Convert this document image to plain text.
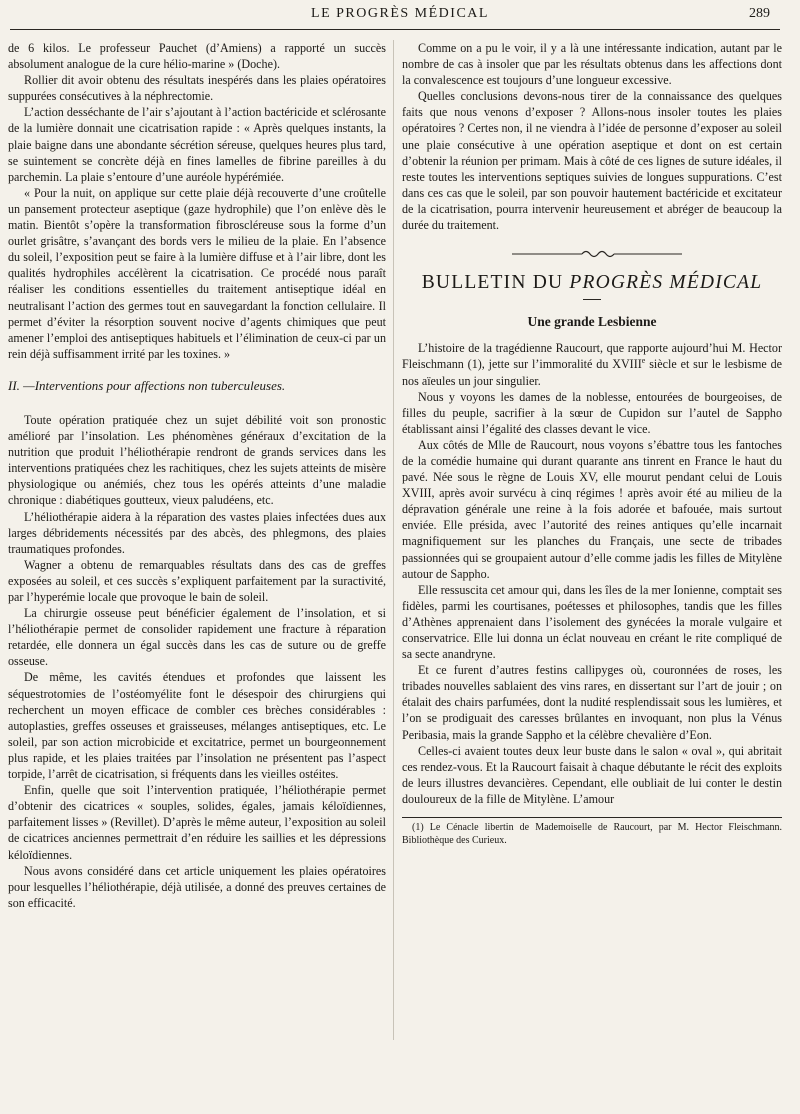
LE PROGRÈS MÉDICAL	289

de 6 kilos. Le professeur Pauchet (d’Amiens) a rapporté un succès absolument analogue de la cure hélio-marine » (Doche).

Rollier dit avoir obtenu des résultats inespérés dans les plaies opératoires suppurées consécutives à la néphrectomie.

L’action desséchante de l’air s’ajoutant à l’action bactéricide et sclérosante de la lumière donnait une cicatrisation rapide : « Après quelques instants, la plaie baigne dans une abondante sécrétion séreuse, quelques heures plus tard, se suintement se concrète déjà en fines lamelles de fibrine pareilles à du parchemin. La plaie s’entoure d’une auréole hypérémiée.

« Pour la nuit, on applique sur cette plaie déjà recouverte d’une croûtelle un pansement protecteur aseptique (gaze hydrophile) que l’on enlève dès le matin. Bientôt s’opère la transformation fibroscléreuse sous la forme d’un ourlet grisâtre, s’avançant des bords vers le milieu de la plaie. En l’absence du soleil, l’exposition peut se faire à la lumière diffuse et à l’air libre, dont les qualités hydrophiles accélèrent la cicatrisation. Ce procédé nous paraît réaliser les conditions essentielles du traitement antiseptique idéal en neutralisant l’action des germes tout en sauvegardant la fonction cellulaire. Il permet d’éviter la résorption souvent nocive d’agents chimiques que peut amener l’emploi des antiseptiques habituels et l’élimination de ceux-ci par un rein déjà suffisamment irrité par les toxines. »

II. —Interventions pour affections non tuberculeuses.

Toute opération pratiquée chez un sujet débilité voit son pronostic amélioré par l’insolation. Les phénomènes généraux d’excitation de la nutrition que produit l’héliothérapie rendront de grands services dans les interventions pratiquées chez les rachitiques, chez les sujets atteints de misère physiologique ou anémiés, chez tous les opérés atteints d’une maladie chronique : diabétiques goutteux, vieux paludéens, etc.

L’héliothérapie aidera à la réparation des vastes plaies infectées dues aux larges débridements nécessités par des abcès, des phlegmons, des plaies traumatiques profondes.

Wagner a obtenu de remarquables résultats dans des cas de greffes exposées au soleil, et ces succès s’expliquent parfaitement par la suractivité, par l’hyperémie locale que provoque le bain de soleil.

La chirurgie osseuse peut bénéficier également de l’insolation, et si l’héliothérapie permet de consolider rapidement une fracture à réparation retardée, elle donnera un égal succès dans les cas de suture ou de greffe osseuse.

De même, les cavités étendues et profondes que laissent les séquestrotomies de l’ostéomyélite font le désespoir des chirurgiens qui recherchent un moyen efficace de combler ces brèches considérables : autoplasties, greffes osseuses et graisseuses, mélanges antiseptiques, etc. Le soleil, par son action microbicide et excitatrice, permet un bourgeonnement plus rapide, et les plaies traitées par l’insolation ne présentent pas l’aspect torpide, l’arrêt de cicatrisation, si fréquents dans les vieilles ostéites.

Enfin, quelle que soit l’intervention pratiquée, l’héliothérapie permet d’obtenir des cicatrices « souples, solides, égales, jamais kéloïdiennes, parfaitement lisses » (Revillet). D’après le même auteur, l’exposition au soleil de cicatrices anciennes permettrait d’en réduire les saillies et les dépressions kéloïdiennes.

Nous avons considéré dans cet article uniquement les plaies opératoires pour lesquelles l’héliothérapie, déjà utilisée, a donné des preuves certaines de son efficacité.

Comme on a pu le voir, il y a là une intéressante indication, autant par le nombre de cas à insoler que par les résultats obtenus dans les affections dont la convalescence est toujours d’une longueur excessive.

Quelles conclusions devons-nous tirer de la connaissance des quelques faits que nous venons d’exposer ? Allons-nous insoler toutes les plaies opératoires ? Certes non, il ne viendra à l’idée de personne d’exposer au soleil une plaie consécutive à une opération aseptique et dont on est certain d’obtenir la réunion per primam. Mais à côté de ces lignes de suture idéales, il reste toutes les interventions septiques suivies de longues suppurations. C’est dans ces cas que le soleil, par son pouvoir hautement bactéricide et excitateur de la cicatrisation, pourra intervenir heureusement et abréger de beaucoup la durée du traitement.

BULLETIN DU PROGRÈS MÉDICAL
Une grande Lesbienne

L’histoire de la tragédienne Raucourt, que rapporte aujourd’hui M. Hector Fleischmann (1), jette sur l’immoralité du XVIIIe siècle et sur le lesbisme de nos aïeules un jour singulier.

Nous y voyons les dames de la noblesse, entourées de bourgeoises, de filles du peuple, sacrifier à la sœur de Cupidon sur l’autel de Sappho établissant ainsi l’égalité des classes devant le vice.

Aux côtés de Mlle de Raucourt, nous voyons s’ébattre tous les fantoches de la comédie humaine qui durant quarante ans tinrent en France le haut du pavé. Née sous le règne de Louis XV, elle mourut pendant celui de Louis XVIII, après avoir survécu à cinq régimes ! après avoir été au milieu de la dépravation générale une reine à la fois adorée et bafouée, mais surtout enviée. Elle présida, avec l’autorité des reines antiques qu’elle incarnait magnifiquement sur les planches du Français, une secte de tribades passionnées qui se groupaient autour d’elle comme jadis les filles de Mitylène autour de Sappho.

Elle ressuscita cet amour qui, dans les îles de la mer Ionienne, comptait ses fidèles, parmi les courtisanes, poétesses et philosophes, tandis que les filles d’Athènes apprenaient dans l’isolement des gynécées la morale vulgaire et conservatrice. Elle lui donna un éclat nouveau en créant le rite compliqué de sa secte anandryne.

Et ce furent d’autres festins callipyges où, couronnées de roses, les tribades nouvelles sablaient des vins rares, en dissertant sur l’art de jouir ; on étalait des chairs parfumées, dont la nudité resplendissait sous les lumières, et l’on se prodiguait des caresses brûlantes en invoquant, non plus la Vénus Peribasia, mais la grande Sappho et la célèbre chevalière d’Eon.

Celles-ci avaient toutes deux leur buste dans le salon « oval », qui abritait ces rendez-vous. Et la Raucourt faisait à chaque débutante le récit des exploits de leurs illustres devancières. Cependant, elle oubliait de lui conter le destin douloureux de la fille de Mitylène. L’amour

(1) Le Cénacle libertin de Mademoiselle de Raucourt, par M. Hector Fleischmann. Bibliothèque des Curieux.
